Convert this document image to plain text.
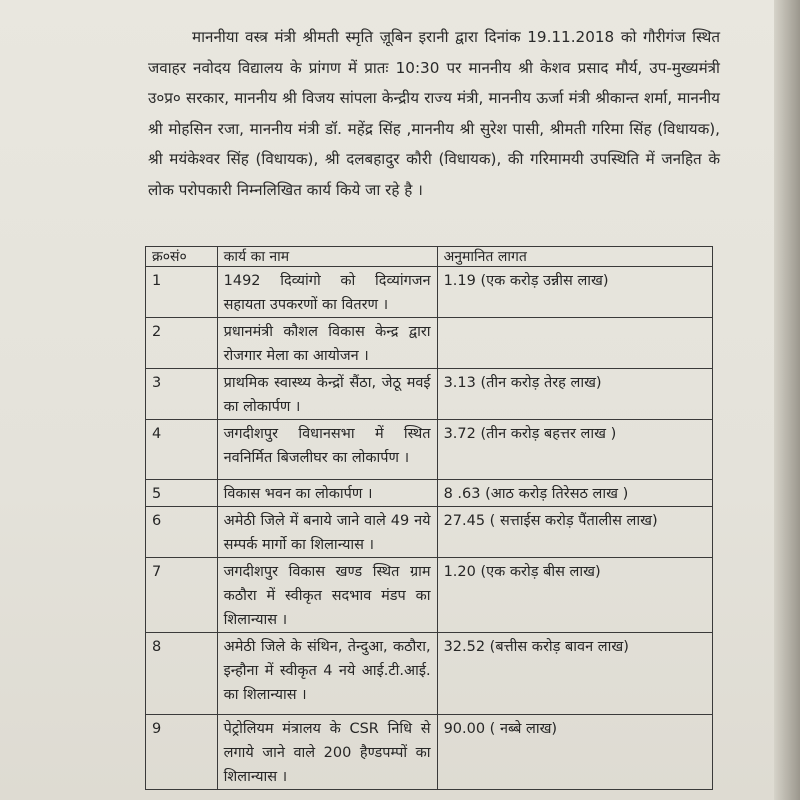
माननीया वस्त्र मंत्री श्रीमती स्मृति ज़ूबिन इरानी द्वारा दिनांक 19.11.2018 को गौरीगंज स्थित जवाहर नवोदय विद्यालय के प्रांगण में प्रातः 10:30 पर माननीय श्री केशव प्रसाद मौर्य, उप-मुख्यमंत्री उ०प्र० सरकार, माननीय श्री विजय सांपला केन्द्रीय राज्य मंत्री, माननीय ऊर्जा मंत्री श्रीकान्त शर्मा, माननीय श्री मोहसिन रजा, माननीय मंत्री डॉ. महेंद्र सिंह ,माननीय श्री सुरेश पासी, श्रीमती गरिमा सिंह (विधायक), श्री मयंकेश्वर सिंह (विधायक), श्री दलबहादुर कौरी (विधायक), की गरिमामयी उपस्थिति में जनहित के लोक परोपकारी निम्नलिखित कार्य किये जा रहे है ।
क्र०सं०	कार्य का नाम	अनुमानित लागत
1	1492 दिव्यांगो को दिव्यांगजन सहायता उपकरणों का वितरण ।	1.19 (एक करोड़ उन्नीस लाख)
2	प्रधानमंत्री कौशल विकास केन्द्र द्वारा रोजगार मेला का आयोजन ।	
3	प्राथमिक स्वास्थ्य केन्द्रों सैंठा, जेठू मवई का लोकार्पण ।	3.13 (तीन करोड़ तेरह लाख)
4	जगदीशपुर विधानसभा में स्थित नवनिर्मित बिजलीघर का लोकार्पण ।	3.72 (तीन करोड़ बहत्तर लाख )
5	विकास भवन का लोकार्पण ।	8 .63 (आठ करोड़ तिरेसठ लाख )
6	अमेठी जिले में बनाये जाने वाले 49 नये सम्पर्क मार्गो का शिलान्यास ।	27.45 ( सत्ताईस करोड़ पैंतालीस लाख)
7	जगदीशपुर विकास खण्ड स्थित ग्राम कठौरा में स्वीकृत सदभाव मंडप का शिलान्यास ।	1.20 (एक करोड़ बीस लाख)
8	अमेठी जिले के संथिन, तेन्दुआ, कठौरा, इन्हौना में स्वीकृत 4 नये आई.टी.आई. का शिलान्यास ।	32.52 (बत्तीस करोड़ बावन लाख)
9	पेट्रोलियम मंत्रालय के CSR निधि से लगाये जाने वाले 200 हैण्डपम्पों का शिलान्यास ।	90.00 ( नब्बे लाख)
